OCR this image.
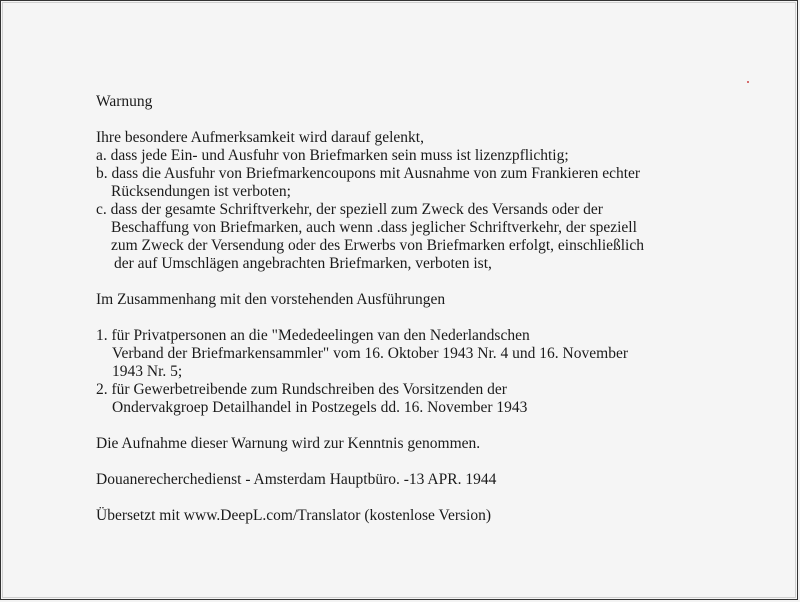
Warnung

Ihre besondere Aufmerksamkeit wird darauf gelenkt,

a. dass jede Ein- und Ausfuhr von Briefmarken sein muss ist lizenzpflichtig;

b. dass die Ausfuhr von Briefmarkencoupons mit Ausnahme von zum Frankieren echter

Rücksendungen ist verboten;

c. dass der gesamte Schriftverkehr, der speziell zum Zweck des Versands oder der

Beschaffung von Briefmarken, auch wenn .dass jeglicher Schriftverkehr, der speziell

zum Zweck der Versendung oder des Erwerbs von Briefmarken erfolgt, einschließlich

der auf Umschlägen angebrachten Briefmarken, verboten ist,

Im Zusammenhang mit den vorstehenden Ausführungen

1. für Privatpersonen an die "Mededeelingen van den Nederlandschen

Verband der Briefmarkensammler" vom 16. Oktober 1943 Nr. 4 und 16. November

1943 Nr. 5;

2. für Gewerbetreibende zum Rundschreiben des Vorsitzenden der

Ondervakgroep Detailhandel in Postzegels dd. 16. November 1943

Die Aufnahme dieser Warnung wird zur Kenntnis genommen.

Douanerecherchedienst - Amsterdam Hauptbüro. -13 APR. 1944

Übersetzt mit www.DeepL.com/Translator (kostenlose Version)
